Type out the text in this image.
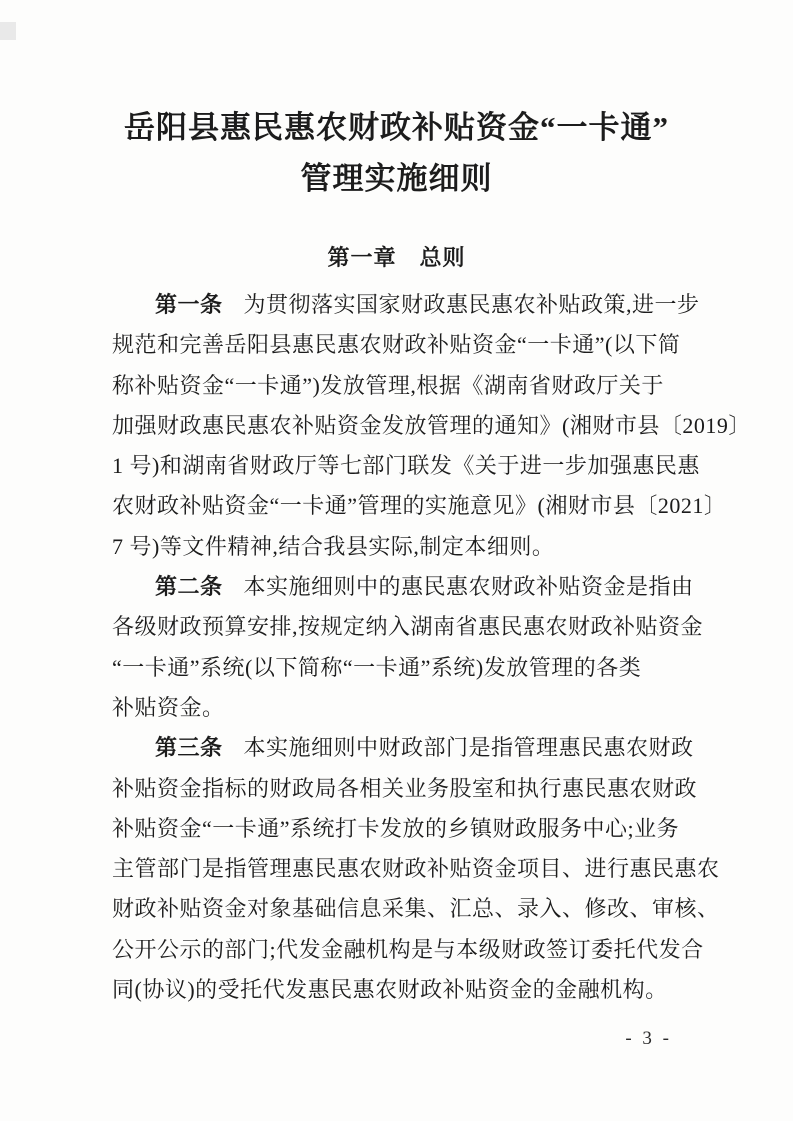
岳阳县惠民惠农财政补贴资金“一卡通”
管理实施细则
第一章　总则
第一条 为贯彻落实国家财政惠民惠农补贴政策,进一步
规范和完善岳阳县惠民惠农财政补贴资金“一卡通”(以下简
称补贴资金“一卡通”)发放管理,根据《湖南省财政厅关于
加强财政惠民惠农补贴资金发放管理的通知》(湘财市县〔2019〕
1 号)和湖南省财政厅等七部门联发《关于进一步加强惠民惠
农财政补贴资金“一卡通”管理的实施意见》(湘财市县〔2021〕
7 号)等文件精神,结合我县实际,制定本细则。
第二条 本实施细则中的惠民惠农财政补贴资金是指由
各级财政预算安排,按规定纳入湖南省惠民惠农财政补贴资金
“一卡通”系统(以下简称“一卡通”系统)发放管理的各类
补贴资金。
第三条 本实施细则中财政部门是指管理惠民惠农财政
补贴资金指标的财政局各相关业务股室和执行惠民惠农财政
补贴资金“一卡通”系统打卡发放的乡镇财政服务中心;业务
主管部门是指管理惠民惠农财政补贴资金项目、进行惠民惠农
财政补贴资金对象基础信息采集、汇总、录入、修改、审核、
公开公示的部门;代发金融机构是与本级财政签订委托代发合
同(协议)的受托代发惠民惠农财政补贴资金的金融机构。
- 3 -
